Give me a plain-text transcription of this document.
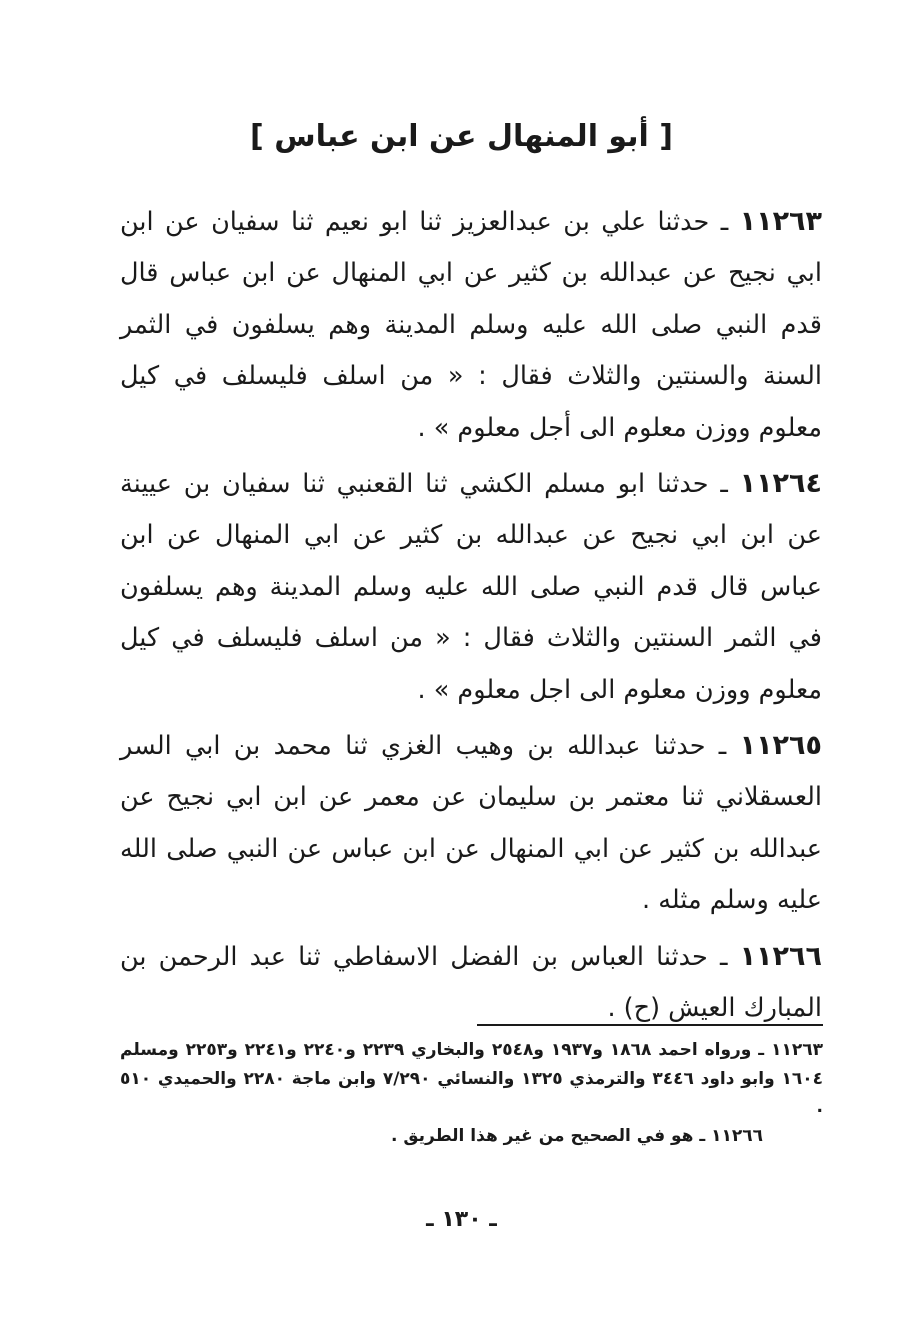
[ أبو المنهال عن ابن عباس ]

١١٢٦٣ ـ حدثنا علي بن عبدالعزيز ثنا ابو نعيم ثنا سفيان عن ابن ابي نجيح عن عبدالله بن كثير عن ابي المنهال عن ابن عباس قال قدم النبي صلى الله عليه وسلم المدينة وهم يسلفون في الثمر السنة والسنتين والثلاث فقال : « من اسلف فليسلف في كيل معلوم ووزن معلوم الى أجل معلوم » .

١١٢٦٤ ـ حدثنا ابو مسلم الكشي ثنا القعنبي ثنا سفيان بن عيينة عن ابن ابي نجيح عن عبدالله بن كثير عن ابي المنهال عن ابن عباس قال قدم النبي صلى الله عليه وسلم المدينة وهم يسلفون في الثمر السنتين والثلاث فقال : « من اسلف فليسلف في كيل معلوم ووزن معلوم الى اجل معلوم » .

١١٢٦٥ ـ حدثنا عبدالله بن وهيب الغزي ثنا محمد بن ابي السر العسقلاني ثنا معتمر بن سليمان عن معمر عن ابن ابي نجيح عن عبدالله بن كثير عن ابي المنهال عن ابن عباس عن النبي صلى الله عليه وسلم مثله .

١١٢٦٦ ـ حدثنا العباس بن الفضل الاسفاطي ثنا عبد الرحمن بن المبارك العيش (ح) .

١١٢٦٣ ـ ورواه احمد ١٨٦٨ و١٩٣٧ و٢٥٤٨ والبخاري ٢٢٣٩ و٢٢٤٠ و٢٢٤١ و٢٢٥٣ ومسلم ١٦٠٤ وابو داود ٣٤٤٦ والترمذي ١٣٢٥ والنسائي ٧/٢٩٠ وابن ماجة ٢٢٨٠ والحميدي ٥١٠ .

١١٢٦٦ ـ هو في الصحيح من غير هذا الطريق .

ـ ١٣٠ ـ
